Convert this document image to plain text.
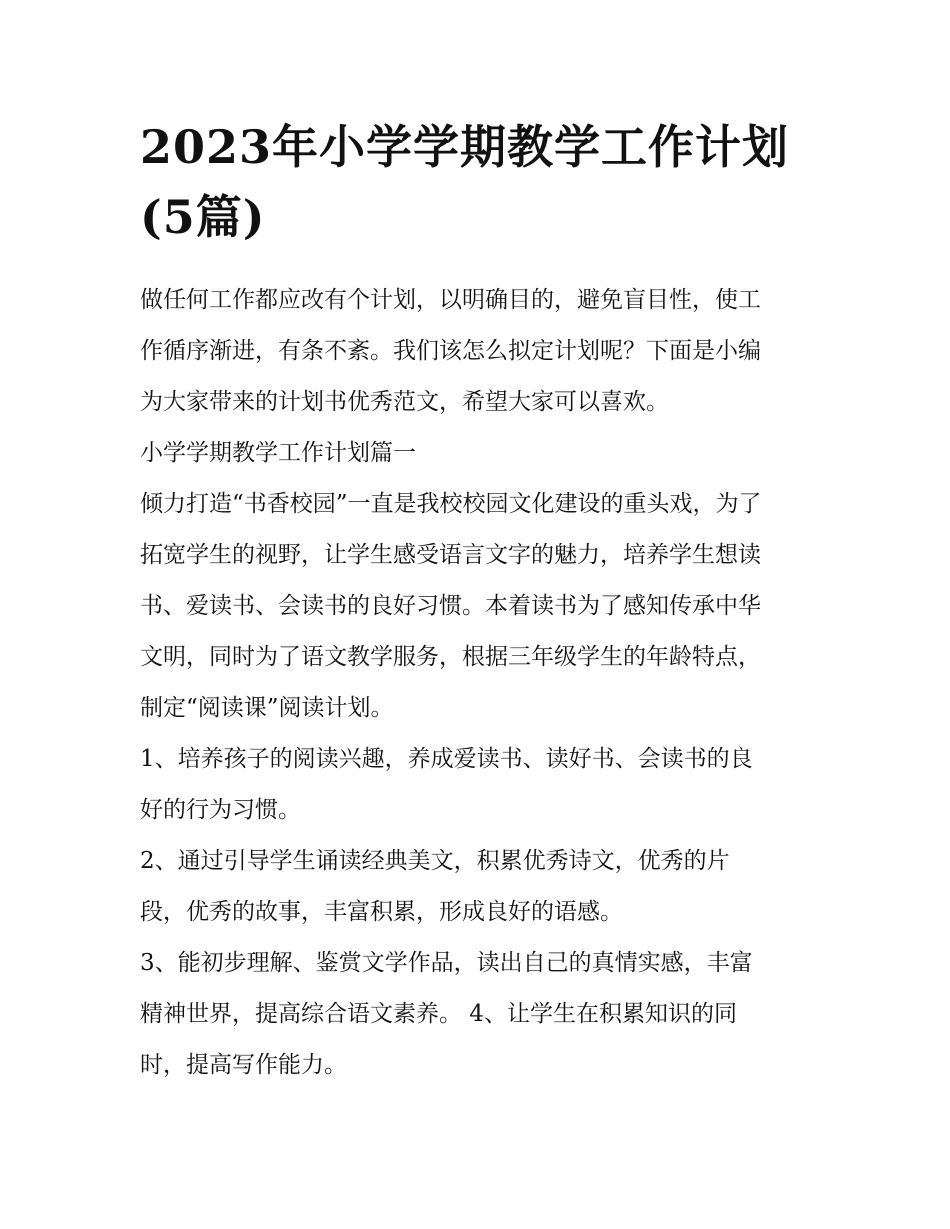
2023年小学学期教学工作计划
(5篇)

做任何工作都应改有个计划，以明确目的，避免盲目性，使工

作循序渐进，有条不紊。我们该怎么拟定计划呢？下面是小编

为大家带来的计划书优秀范文，希望大家可以喜欢。

小学学期教学工作计划篇一

倾力打造“书香校园”一直是我校校园文化建设的重头戏，为了

拓宽学生的视野，让学生感受语言文字的魅力，培养学生想读

书、爱读书、会读书的良好习惯。本着读书为了感知传承中华

文明，同时为了语文教学服务，根据三年级学生的年龄特点，

制定“阅读课”阅读计划。

1、培养孩子的阅读兴趣，养成爱读书、读好书、会读书的良

好的行为习惯。

2、通过引导学生诵读经典美文，积累优秀诗文，优秀的片

段，优秀的故事，丰富积累，形成良好的语感。

3、能初步理解、鉴赏文学作品，读出自己的真情实感，丰富

精神世界，提高综合语文素养。 4、让学生在积累知识的同

时，提高写作能力。
